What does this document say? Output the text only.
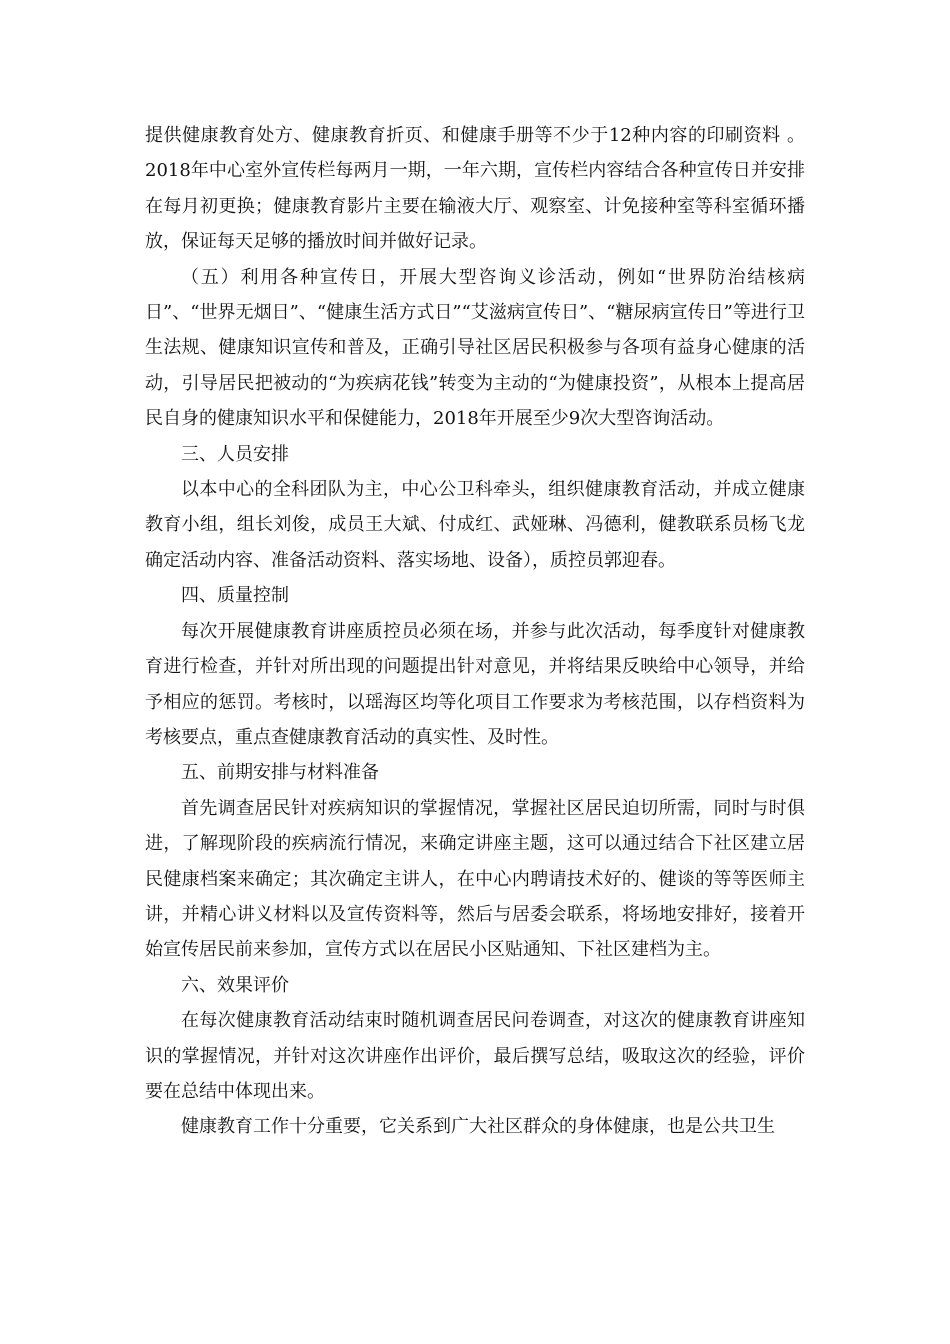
提供健康教育处方、健康教育折页、和健康手册等不少于12种内容的印刷资料 。2018年中心室外宣传栏每两月一期，一年六期，宣传栏内容结合各种宣传日并安排在每月初更换；健康教育影片主要在输液大厅、观察室、计免接种室等科室循环播放，保证每天足够的播放时间并做好记录。

（五）利用各种宣传日，开展大型咨询义诊活动，例如“世界防治结核病日”、“世界无烟日”、“健康生活方式日”“艾滋病宣传日”、“糖尿病宣传日”等进行卫生法规、健康知识宣传和普及，正确引导社区居民积极参与各项有益身心健康的活动，引导居民把被动的“为疾病花钱”转变为主动的“为健康投资”，从根本上提高居民自身的健康知识水平和保健能力，2018年开展至少9次大型咨询活动。

三、人员安排

以本中心的全科团队为主，中心公卫科牵头，组织健康教育活动，并成立健康教育小组，组长刘俊，成员王大斌、付成红、武娅琳、冯德利，健教联系员杨飞龙确定活动内容、准备活动资料、落实场地、设备），质控员郭迎春。

四、质量控制

每次开展健康教育讲座质控员必须在场，并参与此次活动，每季度针对健康教育进行检查，并针对所出现的问题提出针对意见，并将结果反映给中心领导，并给予相应的惩罚。考核时，以瑶海区均等化项目工作要求为考核范围，以存档资料为考核要点，重点查健康教育活动的真实性、及时性。

五、前期安排与材料准备

首先调查居民针对疾病知识的掌握情况，掌握社区居民迫切所需，同时与时俱进，了解现阶段的疾病流行情况，来确定讲座主题，这可以通过结合下社区建立居民健康档案来确定；其次确定主讲人，在中心内聘请技术好的、健谈的等等医师主讲，并精心讲义材料以及宣传资料等，然后与居委会联系，将场地安排好，接着开始宣传居民前来参加，宣传方式以在居民小区贴通知、下社区建档为主。

六、效果评价

在每次健康教育活动结束时随机调查居民问卷调查，对这次的健康教育讲座知识的掌握情况，并针对这次讲座作出评价，最后撰写总结，吸取这次的经验，评价要在总结中体现出来。

健康教育工作十分重要，它关系到广大社区群众的身体健康，也是公共卫生
